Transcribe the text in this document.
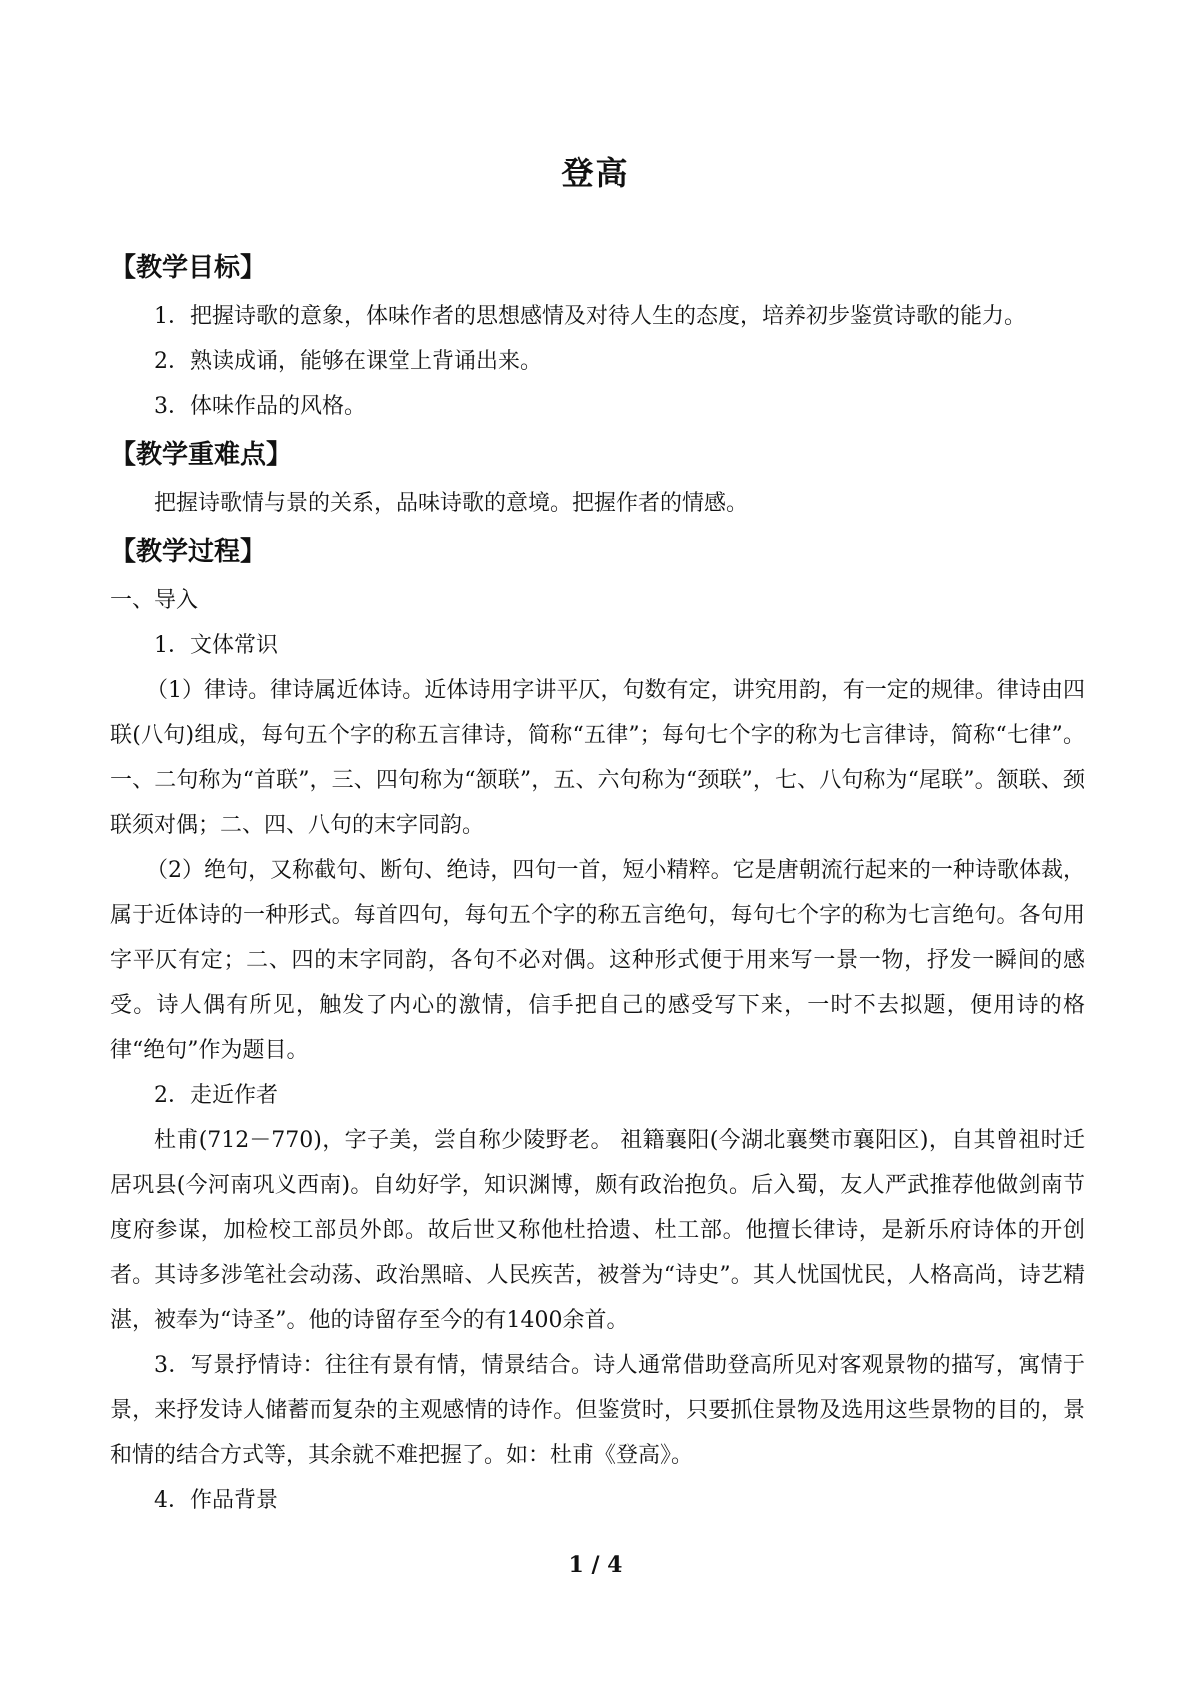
登高

【教学目标】

1．把握诗歌的意象，体味作者的思想感情及对待人生的态度，培养初步鉴赏诗歌的能力。

2．熟读成诵，能够在课堂上背诵出来。

3．体味作品的风格。

【教学重难点】

把握诗歌情与景的关系，品味诗歌的意境。把握作者的情感。

【教学过程】

一、导入

1．文体常识

（1）律诗。律诗属近体诗。近体诗用字讲平仄，句数有定，讲究用韵，有一定的规律。律诗由四联(八句)组成，每句五个字的称五言律诗，简称“五律”；每句七个字的称为七言律诗，简称“七律”。一、二句称为“首联”，三、四句称为“颔联”，五、六句称为“颈联”，七、八句称为“尾联”。颔联、颈联须对偶；二、四、八句的末字同韵。

（2）绝句，又称截句、断句、绝诗，四句一首，短小精粹。它是唐朝流行起来的一种诗歌体裁，属于近体诗的一种形式。每首四句，每句五个字的称五言绝句，每句七个字的称为七言绝句。各句用字平仄有定；二、四的末字同韵，各句不必对偶。这种形式便于用来写一景一物，抒发一瞬间的感受。诗人偶有所见，触发了内心的激情，信手把自己的感受写下来，一时不去拟题，便用诗的格律“绝句”作为题目。

2．走近作者

杜甫(712－770)，字子美，尝自称少陵野老。 祖籍襄阳(今湖北襄樊市襄阳区)，自其曾祖时迁居巩县(今河南巩义西南)。自幼好学，知识渊博，颇有政治抱负。后入蜀，友人严武推荐他做剑南节度府参谋，加检校工部员外郎。故后世又称他杜拾遗、杜工部。他擅长律诗，是新乐府诗体的开创者。其诗多涉笔社会动荡、政治黑暗、人民疾苦，被誉为“诗史”。其人忧国忧民，人格高尚，诗艺精湛，被奉为“诗圣”。他的诗留存至今的有1400余首。

3．写景抒情诗：往往有景有情，情景结合。诗人通常借助登高所见对客观景物的描写，寓情于景，来抒发诗人储蓄而复杂的主观感情的诗作。但鉴赏时，只要抓住景物及选用这些景物的目的，景和情的结合方式等，其余就不难把握了。如：杜甫《登高》。

4．作品背景

1 / 4
